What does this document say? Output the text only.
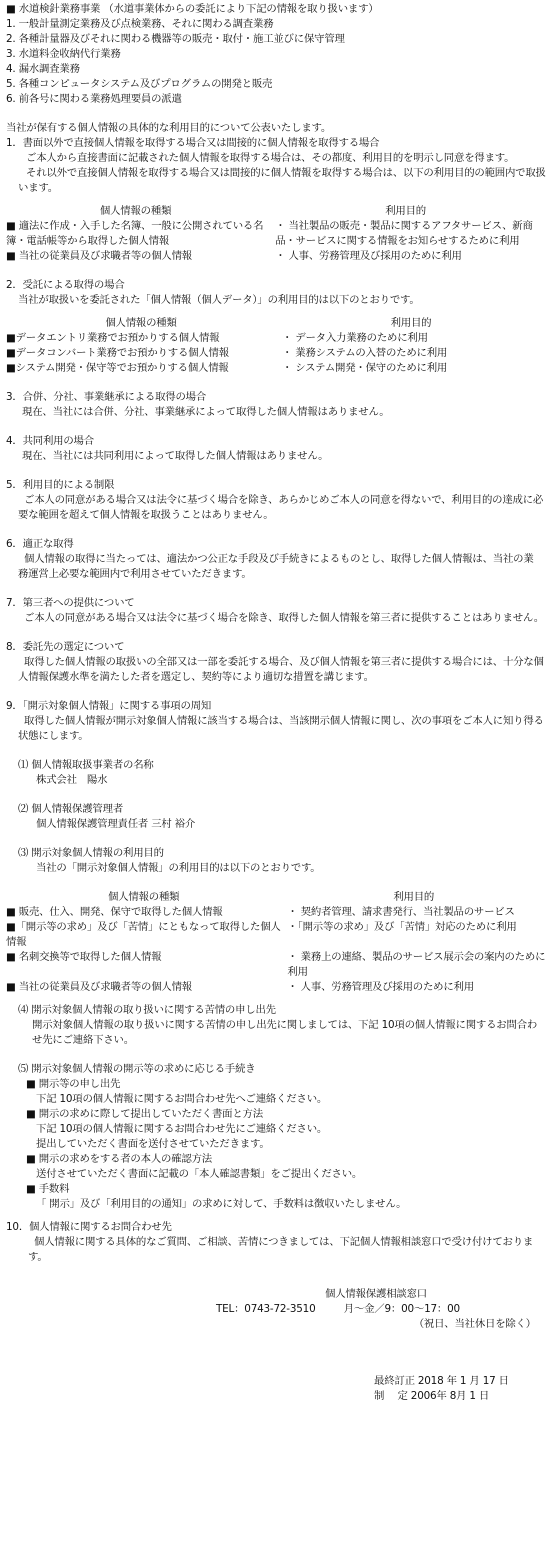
■ 水道検針業務事業 （水道事業体からの委託により下記の情報を取り扱います）
1. 一般計量測定業務及び点検業務、それに関わる調査業務
2. 各種計量器及びそれに関わる機器等の販売・取付・施工並びに保守管理
3. 水道料金收納代行業務
4. 漏水調査業務
5. 各種コンピュータシステム及びプログラムの開発と販売
6. 前各号に関わる業務処理要員の派遣
当社が保有する個人情報の具体的な利用目的について公表いたします。
1．書面以外で直接個人情報を取得する場合又は間接的に個人情報を取得する場合
ご本人から直接書面に記載された個人情報を取得する場合は、その都度、利用目的を明示し同意を得ます。
それ以外で直接個人情報を取得する場合又は間接的に個人情報を取得する場合は、以下の利用目的の範囲内で取扱います。
個人情報の種類	利用目的
■ 適法に作成・入手した名簿、一般に公開されている名簿・電話帳等から取得した個人情報	・ 当社製品の販売・製品に関するアフタサービス、新商品・サービスに関する情報をお知らせするために利用
■ 当社の従業員及び求職者等の個人情報	・ 人事、労務管理及び採用のために利用
2．受託による取得の場合
当社が取扱いを委託された「個人情報（個人データ）」の利用目的は以下のとおりです。
個人情報の種類	利用目的
■データエントリ業務でお預かりする個人情報	・ データ入力業務のために利用
■データコンバート業務でお預かりする個人情報	・ 業務システムの入替のために利用
■システム開発・保守等でお預かりする個人情報	・ システム開発・保守のために利用
3．合併、分社、事業継承による取得の場合
現在、当社には合併、分社、事業継承によって取得した個人情報はありません。
4．共同利用の場合
現在、当社には共同利用によって取得した個人情報はありません。
5．利用目的による制限
ご本人の同意がある場合又は法令に基づく場合を除き、あらかじめご本人の同意を得ないで、利用目的の達成に必要な範囲を超えて個人情報を取扱うことはありません。
6．適正な取得
個人情報の取得に当たっては、適法かつ公正な手段及び手続きによるものとし、取得した個人情報は、当社の業 務運営上必要な範囲内で利用させていただきます。
7．第三者への提供について
ご本人の同意がある場合又は法令に基づく場合を除き、取得した個人情報を第三者に提供することはありません。
8．委託先の選定について
取得した個人情報の取扱いの全部又は一部を委託する場合、及び個人情報を第三者に提供する場合には、十分な個人情報保護水準を満たした者を選定し、契約等により適切な措置を講じます。
9．「開示対象個人情報」に関する事項の周知
取得した個人情報が開示対象個人情報に該当する場合は、当該開示個人情報に関し、次の事項をご本人に知り得る状態にします。
⑴ 個人情報取扱事業者の名称
株式会社　陽水
⑵ 個人情報保護管理者
個人情報保護管理責任者 三村 裕介
⑶ 開示対象個人情報の利用目的
当社の「開示対象個人情報」の利用目的は以下のとおりです。
個人情報の種類	利用目的
■ 販売、仕入、開発、保守で取得した個人情報	・ 契約者管理、請求書発行、当社製品のサービス
■「開示等の求め」及び「苦情」にともなって取得した個人情報	・「開示等の求め」及び「苦情」対応のために利用
■ 名刺交換等で取得した個人情報	・ 業務上の連絡、製品のサービス展示会の案内のために利用
■ 当社の従業員及び求職者等の個人情報	・ 人事、労務管理及び採用のために利用
⑷ 開示対象個人情報の取り扱いに関する苦情の申し出先
開示対象個人情報の取り扱いに関する苦情の申し出先に関しましては、下記 10項の個人情報に関するお問合わせ先にご連絡下さい。
⑸ 開示対象個人情報の開示等の求めに応じる手続き
■ 開示等の申し出先
下記 10項の個人情報に関するお問合わせ先へご連絡ください。
■ 開示の求めに際して提出していただく書面と方法
下記 10項の個人情報に関するお問合わせ先にご連絡ください。
提出していただく書面を送付させていただきます。
■ 開示の求めをする者の本人の確認方法
送付させていただく書面に記載の「本人確認書類」をご提出ください。
■ 手数料
「 開示」及び「利用目的の通知」の求めに対して、手数料は徴収いたしません。
10．個人情報に関するお問合わせ先
個人情報に関する具体的なご質問、ご相談、苦情につきましては、下記個人情報相談窓口で受け付けております。
個人情報保護相談窓口
TEL：0743-72-3510	月～金／9：00～17：00
（祝日、当社休日を除く）
最終訂正 2018 年 1 月 17 日
制　 定 2006年 8月 1 日
